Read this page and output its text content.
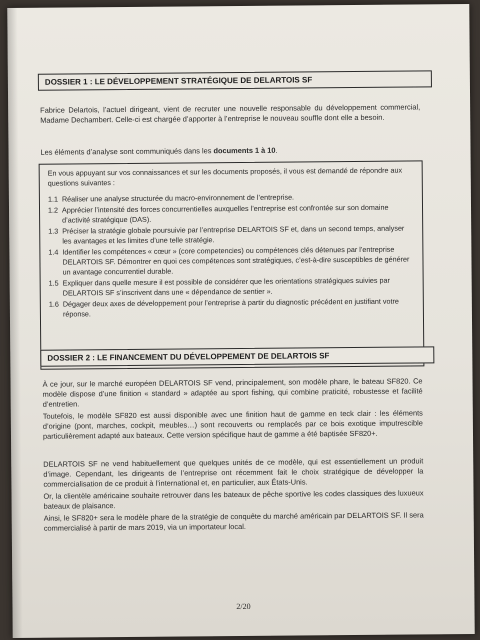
DOSSIER 1 : LE DÉVELOPPEMENT STRATÉGIQUE DE DELARTOIS SF
Fabrice Delartois, l’actuel dirigeant, vient de recruter une nouvelle responsable du développement commercial, Madame Dechambert. Celle-ci est chargée d’apporter à l’entreprise le nouveau souffle dont elle a besoin.
Les éléments d’analyse sont communiqués dans les documents 1 à 10.

En vous appuyant sur vos connaissances et sur les documents proposés, il vous est demandé de répondre aux questions suivantes :

1.1 Réaliser une analyse structurée du macro-environnement de l’entreprise.
1.2 Apprécier l’intensité des forces concurrentielles auxquelles l’entreprise est confrontée sur son domaine d’activité stratégique (DAS).
1.3 Préciser la stratégie globale poursuivie par l’entreprise DELARTOIS SF et, dans un second temps, analyser les avantages et les limites d’une telle stratégie.
1.4 Identifier les compétences « cœur » (core competencies) ou compétences clés détenues par l’entreprise DELARTOIS SF. Démontrer en quoi ces compétences sont stratégiques, c’est-à-dire susceptibles de générer un avantage concurrentiel durable.
1.5 Expliquer dans quelle mesure il est possible de considérer que les orientations stratégiques suivies par DELARTOIS SF s’inscrivent dans une « dépendance de sentier ».
1.6 Dégager deux axes de développement pour l’entreprise à partir du diagnostic précédent en justifiant votre réponse.
DOSSIER 2 : LE FINANCEMENT DU DÉVELOPPEMENT DE DELARTOIS SF
À ce jour, sur le marché européen DELARTOIS SF vend, principalement, son modèle phare, le bateau SF820. Ce modèle dispose d’une finition « standard » adaptée au sport fishing, qui combine praticité, robustesse et facilité d’entretien.
Toutefois, le modèle SF820 est aussi disponible avec une finition haut de gamme en teck clair : les éléments d’origine (pont, marches, cockpit, meubles…) sont recouverts ou remplacés par ce bois exotique imputrescible particulièrement adapté aux bateaux. Cette version spécifique haut de gamme a été baptisée SF820+.
DELARTOIS SF ne vend habituellement que quelques unités de ce modèle, qui est essentiellement un produit d’image. Cependant, les dirigeants de l’entreprise ont récemment fait le choix stratégique de développer la commercialisation de ce produit à l’international et, en particulier, aux États-Unis.
Or, la clientèle américaine souhaite retrouver dans les bateaux de pêche sportive les codes classiques des luxueux bateaux de plaisance.
Ainsi, le SF820+ sera le modèle phare de la stratégie de conquête du marché américain par DELARTOIS SF. Il sera commercialisé à partir de mars 2019, via un importateur local.
2/20
